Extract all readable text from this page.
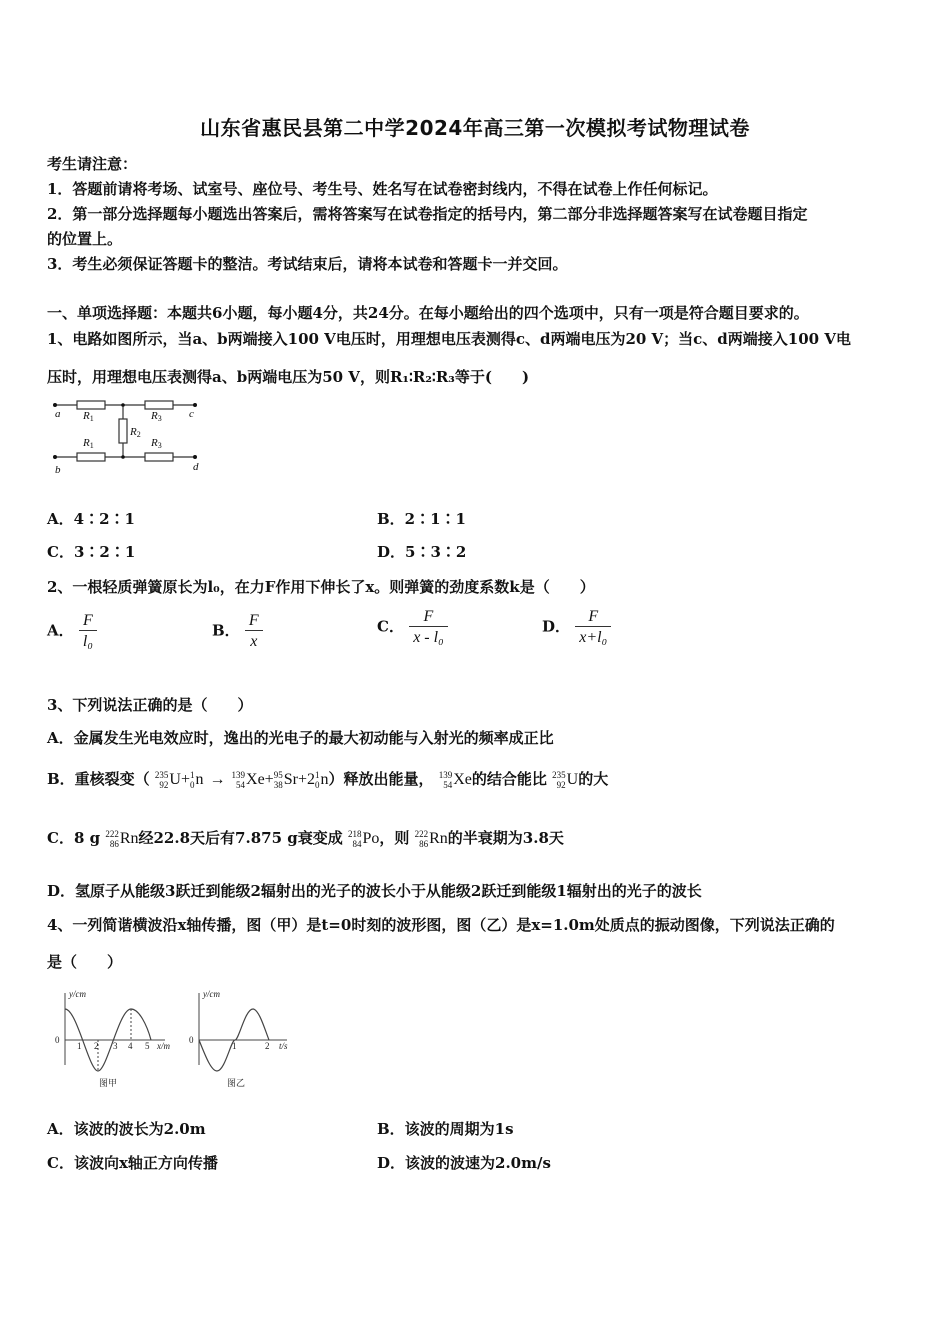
山东省惠民县第二中学2024年高三第一次模拟考试物理试卷
考生请注意：
1．答题前请将考场、试室号、座位号、考生号、姓名写在试卷密封线内，不得在试卷上作任何标记。
2．第一部分选择题每小题选出答案后，需将答案写在试卷指定的括号内，第二部分非选择题答案写在试卷题目指定
的位置上。
3．考生必须保证答题卡的整洁。考试结束后，请将本试卷和答题卡一并交回。
一、单项选择题：本题共6小题，每小题4分，共24分。在每小题给出的四个选项中，只有一项是符合题目要求的。
1、电路如图所示，当a、b两端接入100 V电压时，用理想电压表测得c、d两端电压为20 V；当c、d两端接入100 V电
压时，用理想电压表测得a、b两端电压为50 V，则R₁∶R₂∶R₃等于(　　)
a
b
c
d
R1	R3
R1	R3
R2
A．4∶2∶1	B．2∶1∶1
C．3∶2∶1	D．5∶3∶2
2、一根轻质弹簧原长为l₀，在力F作用下伸长了x。则弹簧的劲度系数k是（　　）
A． $\frac{F}{\text{l₀}}$	B． $\frac{F}{x}$	C． $\frac{F}{\text{x - l₀}}$	D． $\frac{F}{\text{x+l₀}}$
3、下列说法正确的是（　　）
A．金属发生光电效应时，逸出的光电子的最大初动能与入射光的频率成正比
B．重核裂变（ 235
92 U+ 1
0 n → 139
54 Xe+ 95
38 Sr+2 1
0 n）释放出能量， 139
54 Xe的结合能比 235
92 U的大
C．8 g 222
86 Rn经22.8天后有7.875 g衰变成 218
84 Po，则 222
86 Rn的半衰期为3.8天
D．氢原子从能级3跃迁到能级2辐射出的光子的波长小于从能级2跃迁到能级1辐射出的光子的波长
4、一列简谐横波沿x轴传播，图（甲）是t=0时刻的波形图，图（乙）是x=1.0m处质点的振动图像，下列说法正确的
是（　　）
y/cm
0
1 2 3 4 5 x/m
图甲
y/cm
0
1	2 t/s
图乙
A．该波的波长为2.0m	B．该波的周期为1s
C．该波向x轴正方向传播	D．该波的波速为2.0m/s
